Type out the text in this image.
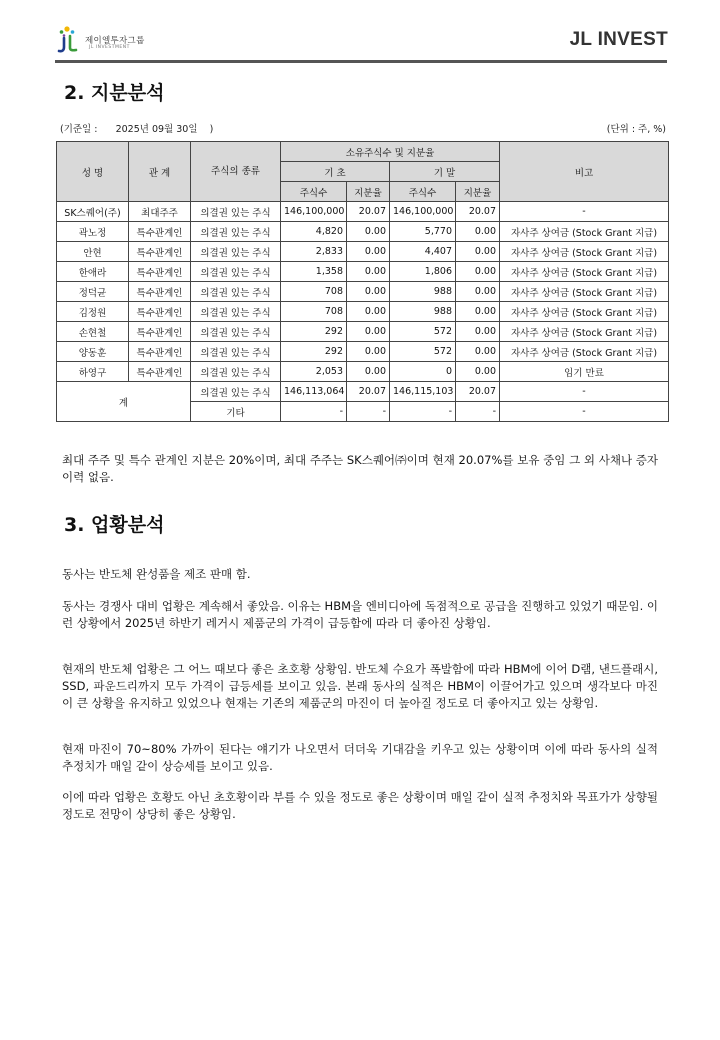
제이엘투자그룹
JL INVESTMENT	JL INVEST
2. 지분분석
(기준일 :      2025년 09월 30일    )	(단위 : 주, %)
성 명	관 계	주식의 종류	소유주식수 및 지분율				비고
			기 초		기 말		
			주식수	지분율	주식수	지분율	
SK스퀘어(주)	최대주주	의결권 있는 주식	146,100,000	20.07	146,100,000	20.07	-
곽노정	특수관계인	의결권 있는 주식	4,820	0.00	5,770	0.00	자사주 상여금 (Stock Grant 지급)
안현	특수관계인	의결권 있는 주식	2,833	0.00	4,407	0.00	자사주 상여금 (Stock Grant 지급)
한애라	특수관계인	의결권 있는 주식	1,358	0.00	1,806	0.00	자사주 상여금 (Stock Grant 지급)
정덕균	특수관계인	의결권 있는 주식	708	0.00	988	0.00	자사주 상여금 (Stock Grant 지급)
김정원	특수관계인	의결권 있는 주식	708	0.00	988	0.00	자사주 상여금 (Stock Grant 지급)
손현철	특수관계인	의결권 있는 주식	292	0.00	572	0.00	자사주 상여금 (Stock Grant 지급)
양동훈	특수관계인	의결권 있는 주식	292	0.00	572	0.00	자사주 상여금 (Stock Grant 지급)
하영구	특수관계인	의결권 있는 주식	2,053	0.00	0	0.00	임기 만료
계		의결권 있는 주식	146,113,064	20.07	146,115,103	20.07	-
		기타	-	-	-	-	-

최대 주주 및 특수 관계인 지분은 20%이며, 최대 주주는 SK스퀘어㈜이며 현재 20.07%를 보유 중임 그 외 사채나 증자 이력 없음.

3. 업황분석

동사는 반도체 완성품을 제조 판매 함.

동사는 경쟁사 대비 업황은 계속해서 좋았음. 이유는 HBM을 엔비디아에 독점적으로 공급을 진행하고 있었기 때문임. 이런 상황에서 2025년 하반기 레거시 제품군의 가격이 급등함에 따라 더 좋아진 상황임.

현재의 반도체 업황은 그 어느 때보다 좋은 초호황 상황임. 반도체 수요가 폭발함에 따라 HBM에 이어 D램, 낸드플래시, SSD, 파운드리까지 모두 가격이 급등세를 보이고 있음. 본래 동사의 실적은 HBM이 이끌어가고 있으며 생각보다 마진이 큰 상황을 유지하고 있었으나 현재는 기존의 제품군의 마진이 더 높아질 정도로 더 좋아지고 있는 상황임.

현재 마진이 70~80% 가까이 된다는 얘기가 나오면서 더더욱 기대감을 키우고 있는 상황이며 이에 따라 동사의 실적 추정치가 매일 같이 상승세를 보이고 있음.

이에 따라 업황은 호황도 아닌 초호황이라 부를 수 있을 정도로 좋은 상황이며 매일 같이 실적 추정치와 목표가가 상향될 정도로 전망이 상당히 좋은 상황임.
